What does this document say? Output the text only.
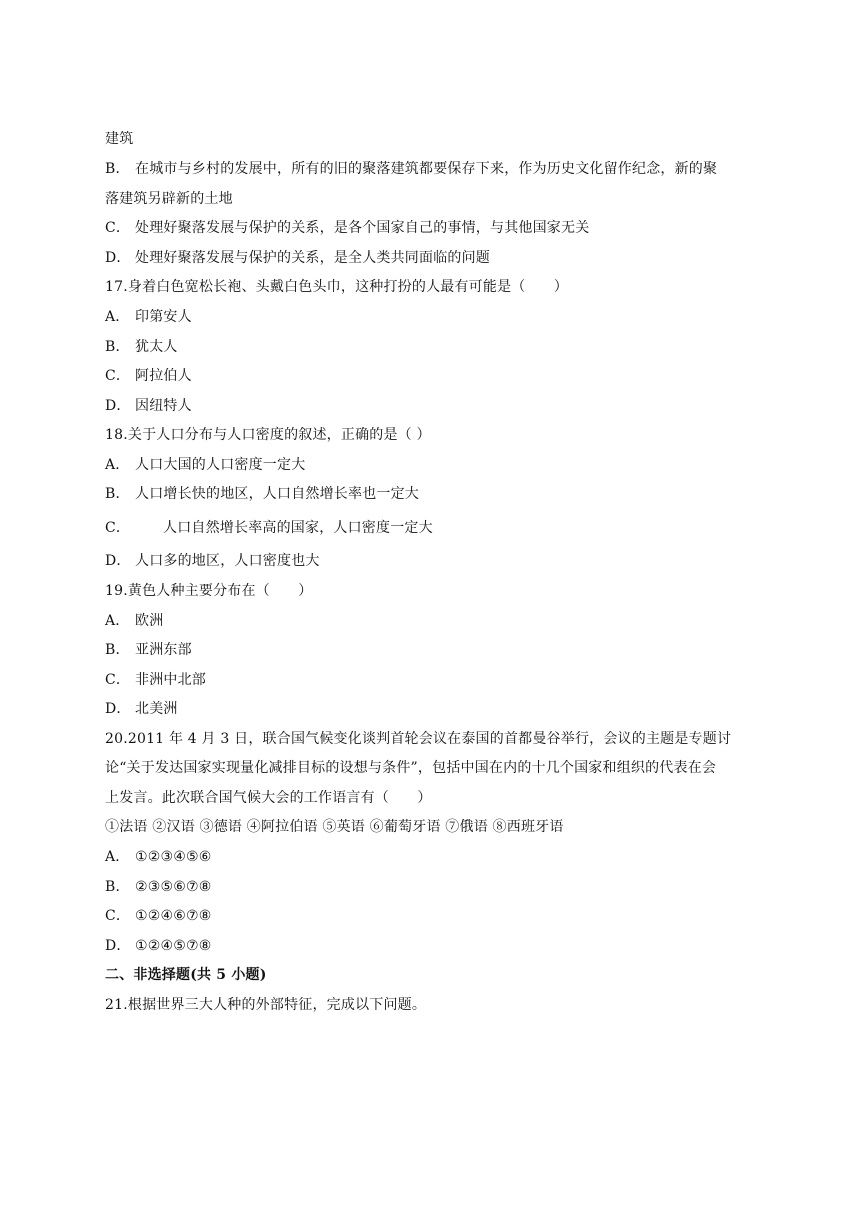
建筑
B． 在城市与乡村的发展中，所有的旧的聚落建筑都要保存下来，作为历史文化留作纪念，新的聚
落建筑另辟新的土地
C． 处理好聚落发展与保护的关系，是各个国家自己的事情，与其他国家无关
D． 处理好聚落发展与保护的关系，是全人类共同面临的问题
17.身着白色宽松长袍、头戴白色头巾，这种打扮的人最有可能是（　　）
A． 印第安人
B． 犹太人
C． 阿拉伯人
D． 因纽特人
18.关于人口分布与人口密度的叙述，正确的是（ ）
A． 人口大国的人口密度一定大
B． 人口增长快的地区，人口自然增长率也一定大
C． 人口自然增长率高的国家，人口密度一定大
D． 人口多的地区，人口密度也大
19.黄色人种主要分布在（　　）
A． 欧洲
B． 亚洲东部
C． 非洲中北部
D． 北美洲
20.2011 年 4 月 3 日，联合国气候变化谈判首轮会议在泰国的首都曼谷举行，会议的主题是专题讨
论“关于发达国家实现量化减排目标的设想与条件”，包括中国在内的十几个国家和组织的代表在会
上发言。此次联合国气候大会的工作语言有（　　）
①法语 ②汉语 ③德语 ④阿拉伯语 ⑤英语 ⑥葡萄牙语 ⑦俄语 ⑧西班牙语
A． ①②③④⑤⑥
B． ②③⑤⑥⑦⑧
C． ①②④⑥⑦⑧
D． ①②④⑤⑦⑧
二、非选择题(共 5 小题)
21.根据世界三大人种的外部特征，完成以下问题。
